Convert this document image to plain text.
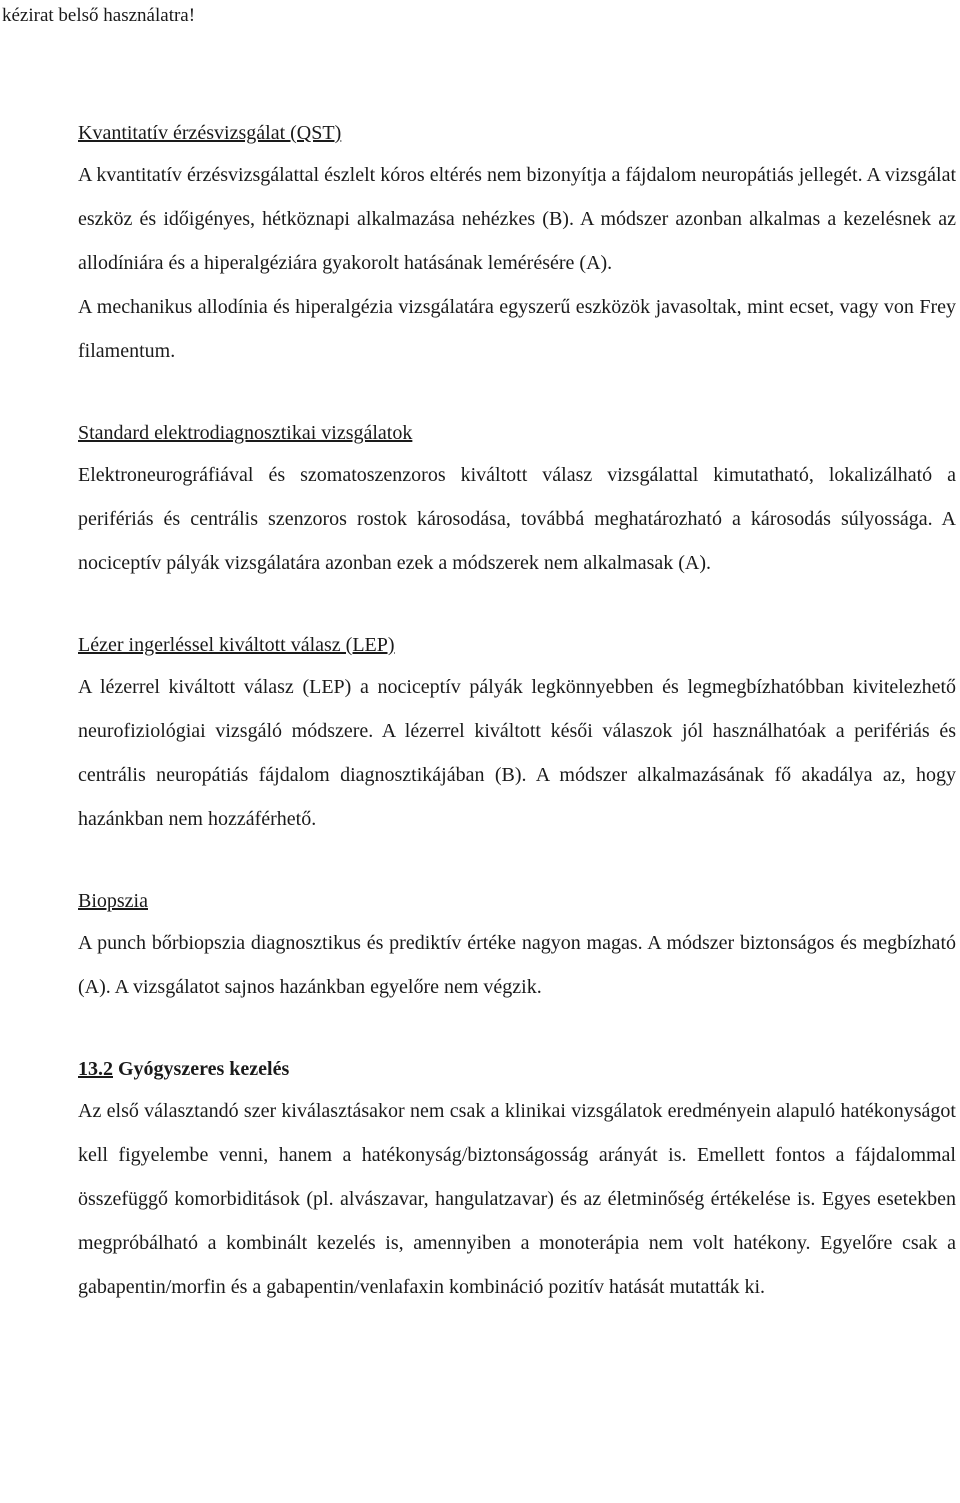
kézirat belső használatra!

Kvantitatív érzésvizsgálat (QST)

A kvantitatív érzésvizsgálattal észlelt kóros eltérés nem bizonyítja a fájdalom neuropátiás jellegét. A vizsgálat eszköz és időigényes, hétköznapi alkalmazása nehézkes (B). A módszer azonban alkalmas a kezelésnek az allodíniára és a hiperalgéziára gyakorolt hatásának lemérésére (A).

A mechanikus allodínia és hiperalgézia vizsgálatára egyszerű eszközök javasoltak, mint ecset, vagy von Frey filamentum.

Standard elektrodiagnosztikai vizsgálatok

Elektroneurográfiával és szomatoszenzoros kiváltott válasz vizsgálattal kimutatható, lokalizálható a perifériás és centrális szenzoros rostok károsodása, továbbá meghatározható a károsodás súlyossága. A nociceptív pályák vizsgálatára azonban ezek a módszerek nem alkalmasak (A).

Lézer ingerléssel kiváltott válasz (LEP)

A lézerrel kiváltott válasz (LEP) a nociceptív pályák legkönnyebben és legmegbízhatóbban kivitelezhető neurofiziológiai vizsgáló módszere. A lézerrel kiváltott késői válaszok jól használhatóak a perifériás és centrális neuropátiás fájdalom diagnosztikájában (B). A módszer alkalmazásának fő akadálya az, hogy hazánkban nem hozzáférhető.

Biopszia

A punch bőrbiopszia diagnosztikus és prediktív értéke nagyon magas. A módszer biztonságos és megbízható (A). A vizsgálatot sajnos hazánkban egyelőre nem végzik.

13.2 Gyógyszeres kezelés

Az első választandó szer kiválasztásakor nem csak a klinikai vizsgálatok eredményein alapuló hatékonyságot kell figyelembe venni, hanem a hatékonyság/biztonságosság arányát is. Emellett fontos a fájdalommal összefüggő komorbiditások (pl. alvászavar, hangulatzavar) és az életminőség értékelése is. Egyes esetekben megpróbálható a kombinált kezelés is, amennyiben a monoterápia nem volt hatékony. Egyelőre csak a gabapentin/morfin és a gabapentin/venlafaxin kombináció pozitív hatását mutatták ki.
